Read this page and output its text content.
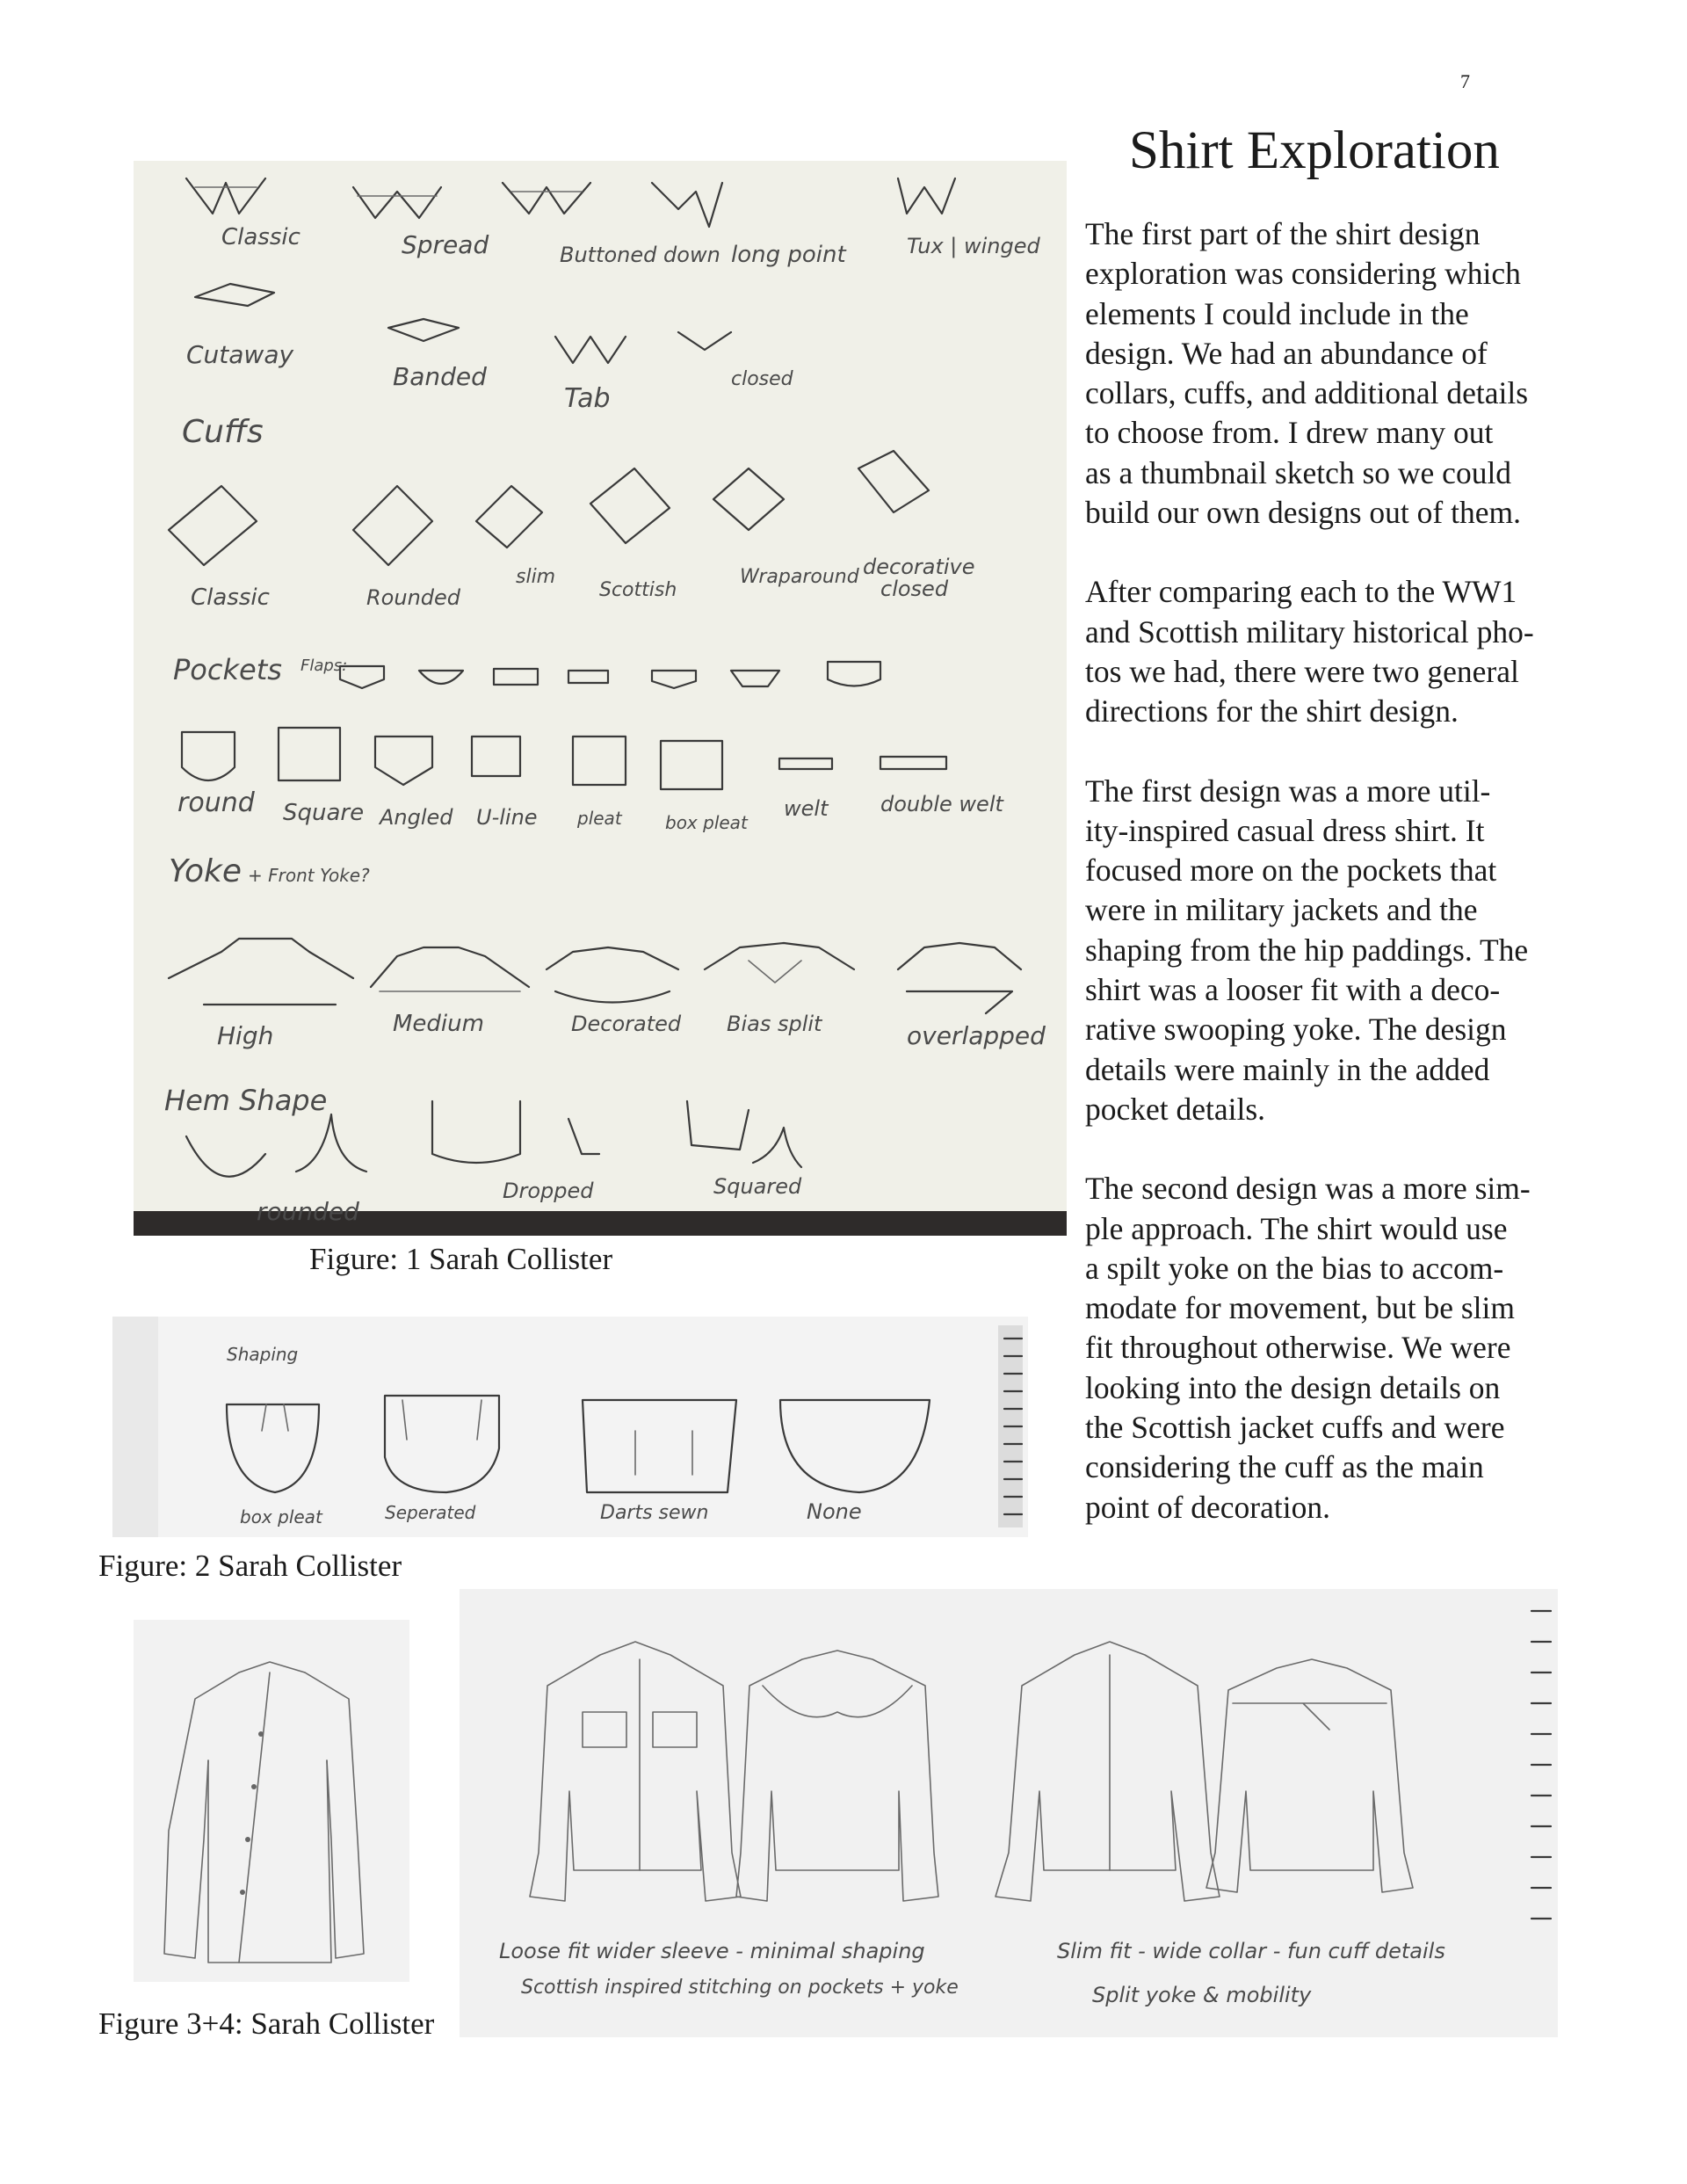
7
Shirt Exploration

The first part of the shirt design
exploration was considering which
elements I could include in the
design. We had an abundance of
collars, cuffs, and additional details
to choose from. I drew many out
as a thumbnail sketch so we could
build our own designs out of them.

After comparing each to the WW1
and Scottish military historical pho-
tos we had, there were two general
directions for the shirt design.

The first design was a more util-
ity-inspired casual dress shirt. It
focused more on the pockets that
were in military jackets and the
shaping from the hip paddings. The
shirt was a looser fit with a deco-
rative swooping yoke. The design
details were mainly in the added
pocket details.

The second design was a more sim-
ple approach. The shirt would use
a spilt yoke on the bias to accom-
modate for movement, but be slim
fit throughout otherwise. We were
looking into the design details on
the Scottish jacket cuffs and were
considering the cuff as the main
point of decoration.

Classic	Spread	Buttoned down long point	Tux | winged
Cutaway
Banded
Tab
closed
Cuffs
Classic	Rounded
slim
Scottish
Wraparound decorative
closed
Pockets Flaps:
round Square Angled U-line pleat box pleat
welt double welt
Yoke + Front Yoke?
High	Medium	Decorated Bias split	overlapped
Hem Shape
rounded
Dropped	Squared
Figure: 1 Sarah Collister
Shaping
box pleat	Seperated	Darts sewn	None
Figure: 2 Sarah Collister
Loose fit wider sleeve - minimal shaping
Scottish inspired stitching on pockets + yoke
Slim fit - wide collar - fun cuff details
Split yoke & mobility
Figure 3+4: Sarah Collister
